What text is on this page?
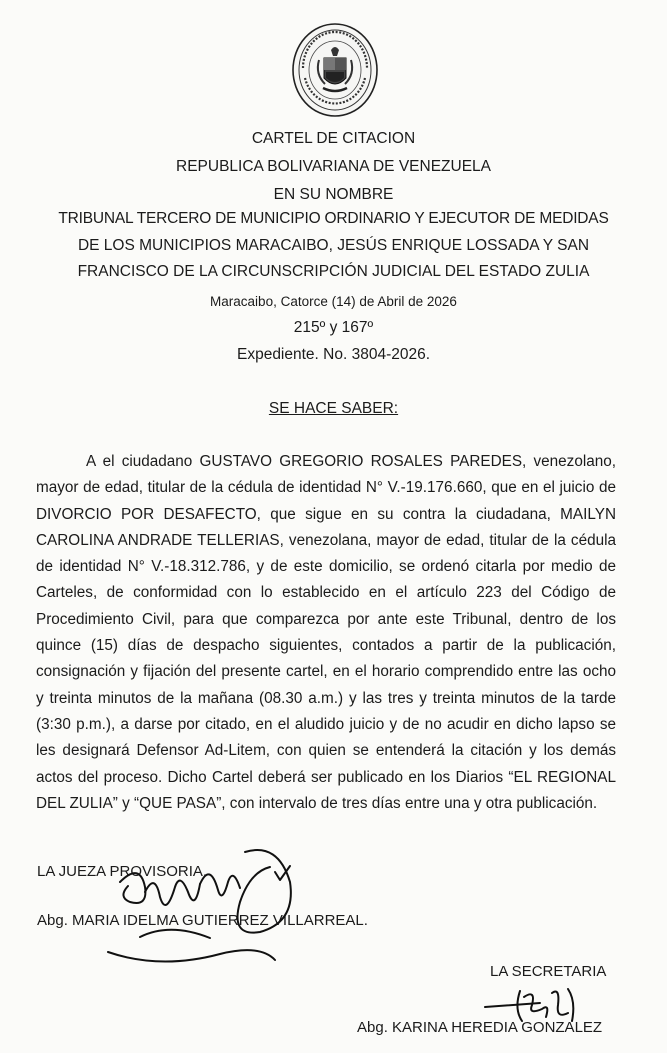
CARTEL DE CITACION
REPUBLICA BOLIVARIANA DE VENEZUELA
EN SU NOMBRE
TRIBUNAL TERCERO DE MUNICIPIO ORDINARIO Y EJECUTOR DE MEDIDAS
DE LOS MUNICIPIOS MARACAIBO, JESÚS ENRIQUE LOSSADA Y SAN
FRANCISCO DE LA CIRCUNSCRIPCIÓN JUDICIAL DEL ESTADO ZULIA
Maracaibo, Catorce (14) de Abril de 2026
215º y 167º
Expediente. No. 3804-2026.
SE HACE SABER:

A el ciudadano GUSTAVO GREGORIO ROSALES PAREDES, venezolano, mayor de edad, titular de la cédula de identidad N° V.-19.176.660, que en el juicio de DIVORCIO POR DESAFECTO, que sigue en su contra la ciudadana, MAILYN CAROLINA ANDRADE TELLERIAS, venezolana, mayor de edad, titular de la cédula de identidad N° V.-18.312.786, y de este domicilio, se ordenó citarla por medio de Carteles, de conformidad con lo establecido en el artículo 223 del Código de Procedimiento Civil, para que comparezca por ante este Tribunal, dentro de los quince (15) días de despacho siguientes, contados a partir de la publicación, consignación y fijación del presente cartel, en el horario comprendido entre las ocho y treinta minutos de la mañana (08.30 a.m.) y las tres y treinta minutos de la tarde (3:30 p.m.), a darse por citado, en el aludido juicio y de no acudir en dicho lapso se les designará Defensor Ad-Litem, con quien se entenderá la citación y los demás actos del proceso. Dicho Cartel deberá ser publicado en los Diarios “EL REGIONAL DEL ZULIA” y “QUE PASA”, con intervalo de tres días entre una y otra publicación.

LA JUEZA PROVISORIA.
Abg. MARIA IDELMA GUTIERREZ VILLARREAL.
LA SECRETARIA
Abg. KARINA HEREDIA GONZALEZ
